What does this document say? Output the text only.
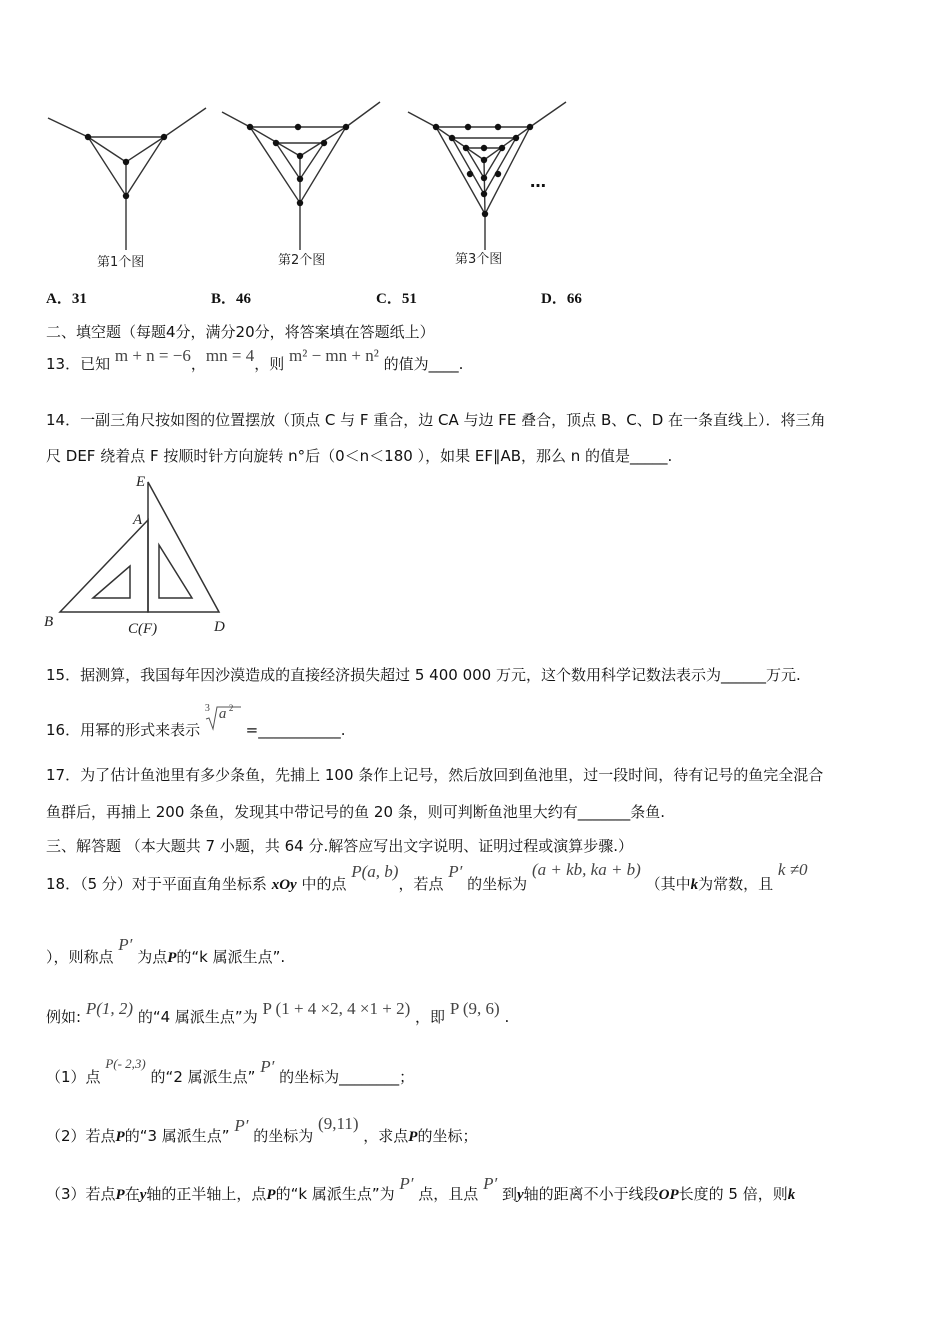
…
第1个图	第2个图	第3个图
A．31	B．46	C．51	D．66
二、填空题（每题4分，满分20分，将答案填在答题纸上）
13．已知 m + n = −6，mn = 4，则 m² − mn + n² 的值为____.
14．一副三角尺按如图的位置摆放（顶点 C 与 F 重合，边 CA 与边 FE 叠合，顶点 B、C、D 在一条直线上）．将三角
尺 DEF 绕着点 F 按顺时针方向旋转 n°后（0＜n＜180 ），如果 EF∥AB，那么 n 的值是_____.
E
A
B	C(F)	D
15．据测算，我国每年因沙漠造成的直接经济损失超过 5 400 000 万元，这个数用科学记数法表示为______万元.
16．用幂的形式来表示
3 a 2
=___________.
17．为了估计鱼池里有多少条鱼，先捕上 100 条作上记号，然后放回到鱼池里，过一段时间，待有记号的鱼完全混合
鱼群后，再捕上 200 条鱼，发现其中带记号的鱼 20 条，则可判断鱼池里大约有_______条鱼.
三、解答题 （本大题共 7 小题，共 64 分.解答应写出文字说明、证明过程或演算步骤.）
18．（5 分）对于平面直角坐标系 xOy 中的点 P(a, b)，若点 P′ 的坐标为 (a + kb, ka + b) （其中k为常数，且 k ≠0
），则称点 P′ 为点P的“k 属派生点”.
例如: P(1, 2) 的“4 属派生点”为 P (1 + 4 ×2, 4 ×1 + 2) ，即 P (9, 6) .
（1）点 P(- 2,3) 的“2 属派生点” P′ 的坐标为________；
（2）若点P的“3 属派生点” P′ 的坐标为 (9,11) ，求点P的坐标；
（3）若点P在y轴的正半轴上，点P的“k 属派生点”为 P′ 点，且点 P′ 到y轴的距离不小于线段OP长度的 5 倍，则k
